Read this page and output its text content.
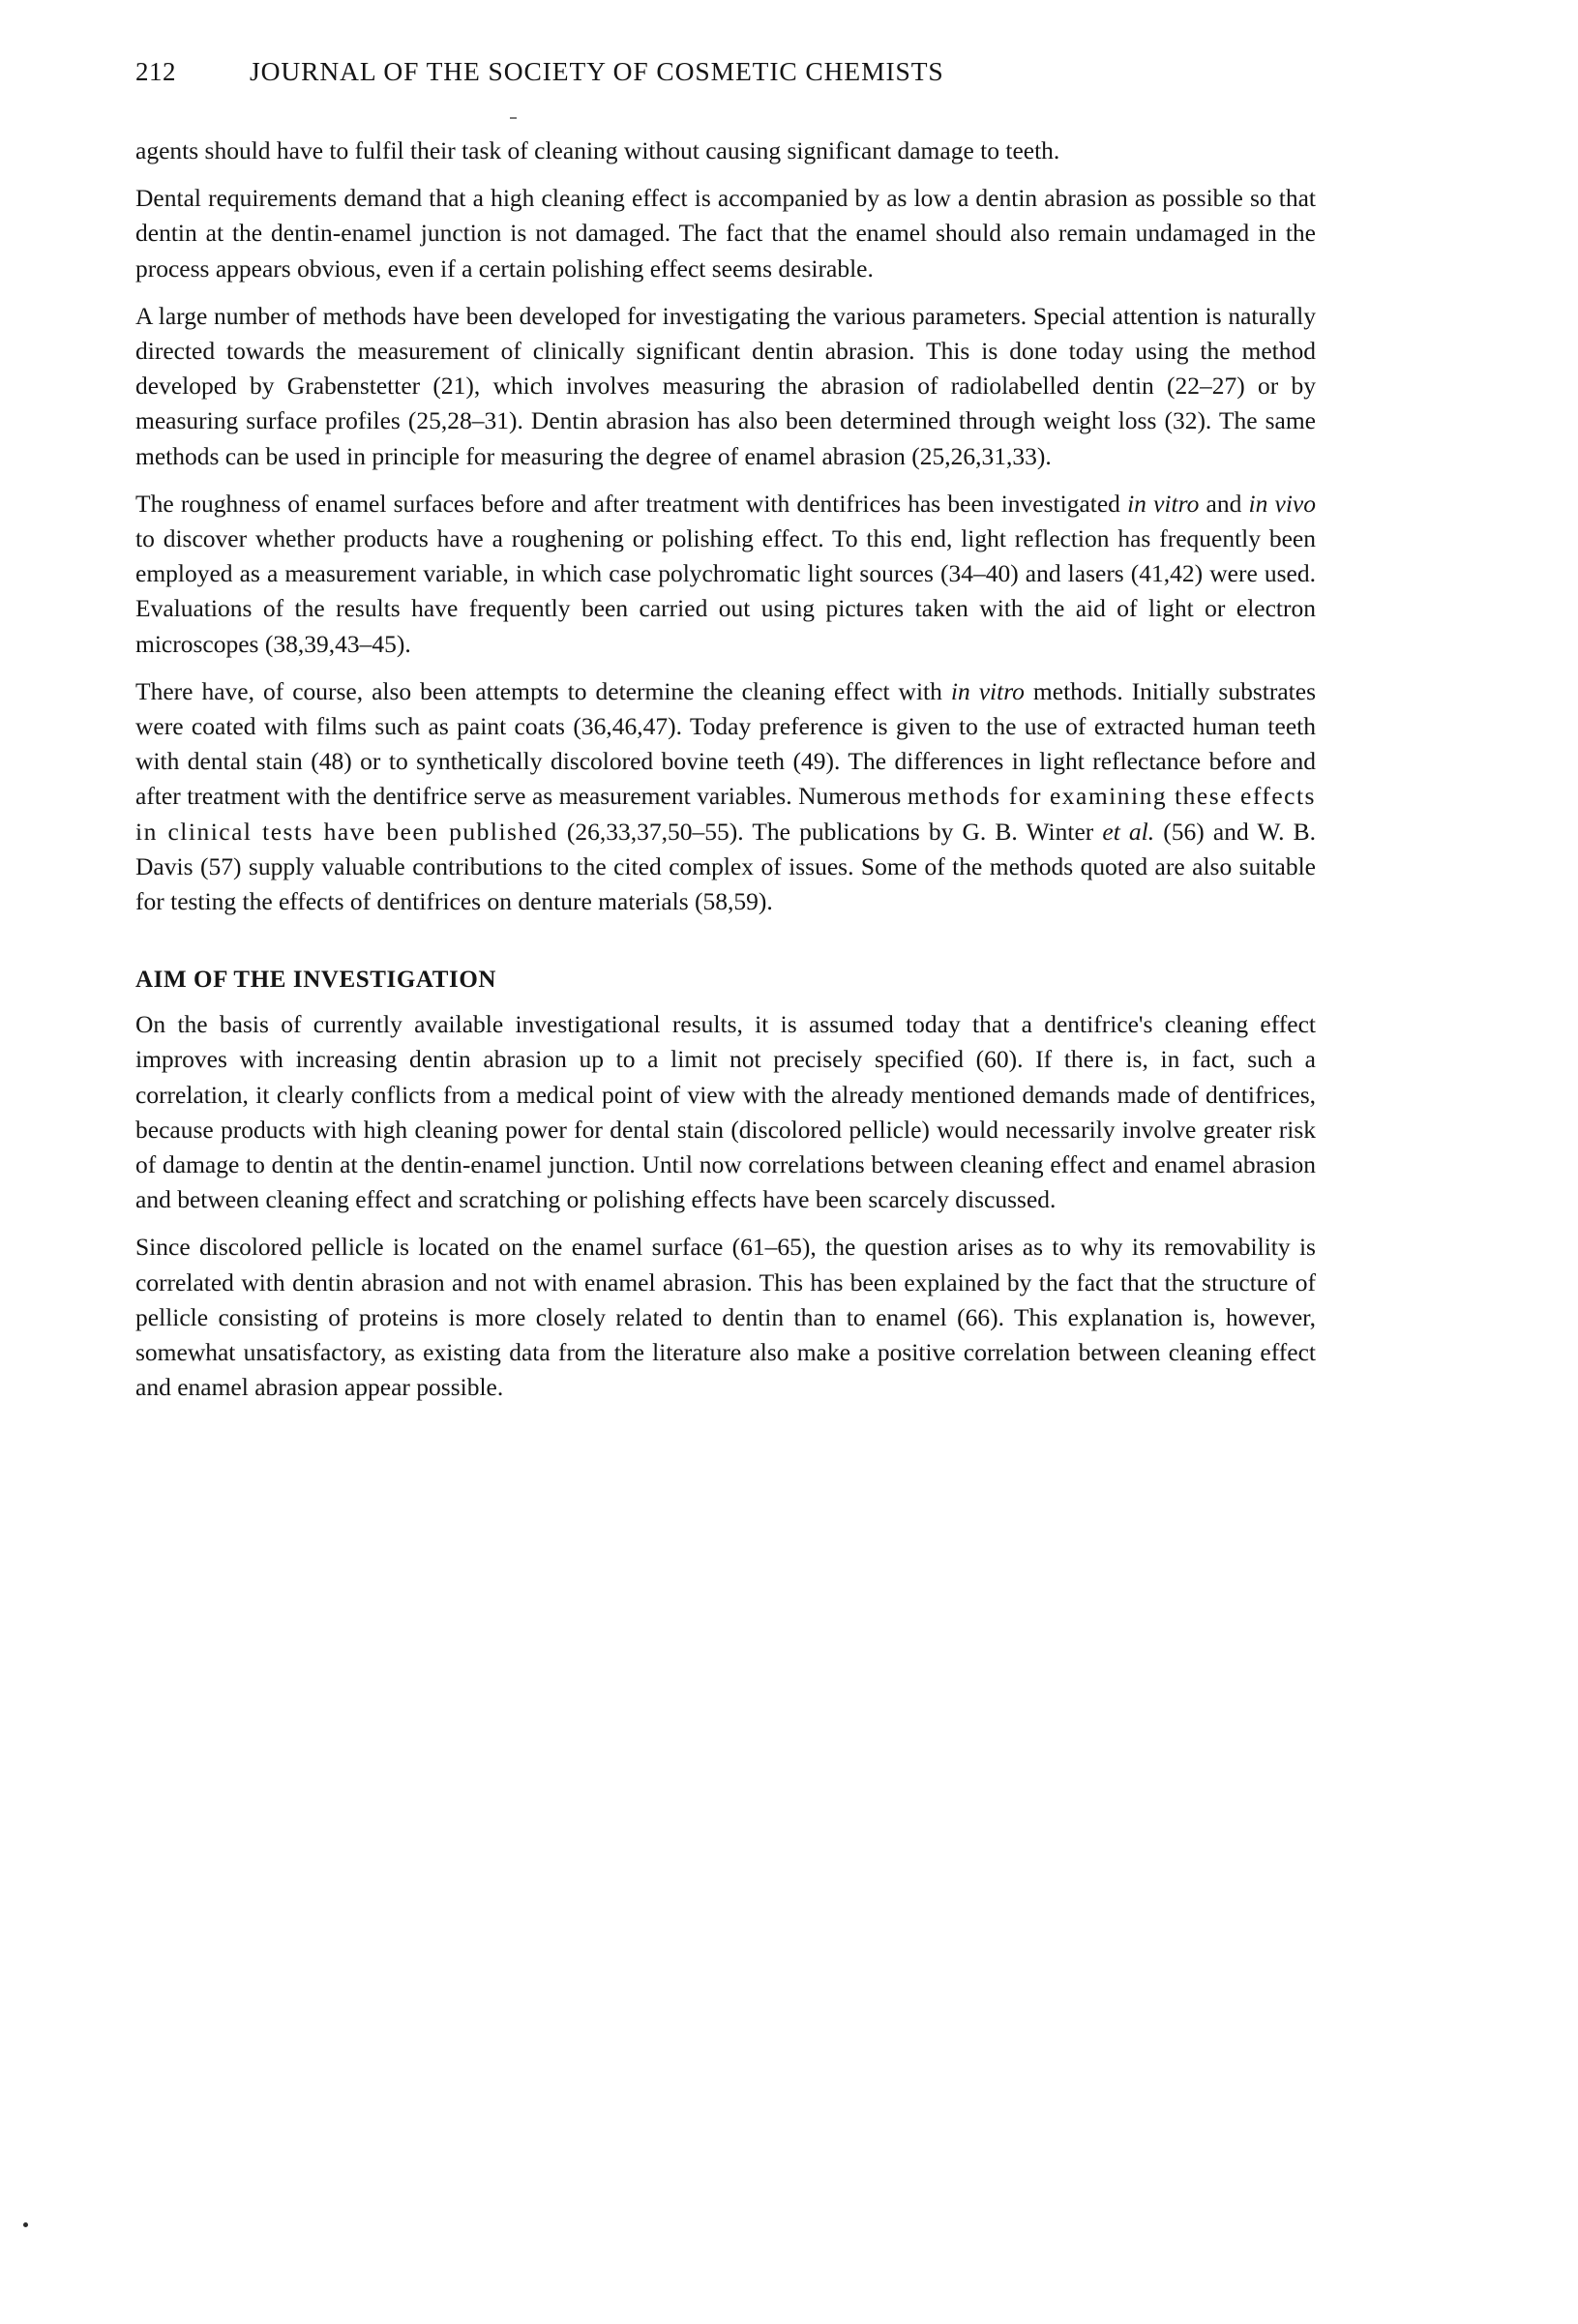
212	JOURNAL OF THE SOCIETY OF COSMETIC CHEMISTS

agents should have to fulfil their task of cleaning without causing significant damage to teeth.

Dental requirements demand that a high cleaning effect is accompanied by as low a dentin abrasion as possible so that dentin at the dentin-enamel junction is not damaged. The fact that the enamel should also remain undamaged in the process appears obvious, even if a certain polishing effect seems desirable.

A large number of methods have been developed for investigating the various parameters. Special attention is naturally directed towards the measurement of clinically significant dentin abrasion. This is done today using the method developed by Grabenstetter (21), which involves measuring the abrasion of radiolabelled dentin (22–27) or by measuring surface profiles (25,28–31). Dentin abrasion has also been determined through weight loss (32). The same methods can be used in principle for measuring the degree of enamel abrasion (25,26,31,33).

The roughness of enamel surfaces before and after treatment with dentifrices has been investigated in vitro and in vivo to discover whether products have a roughening or polishing effect. To this end, light reflection has frequently been employed as a measurement variable, in which case polychromatic light sources (34–40) and lasers (41,42) were used. Evaluations of the results have frequently been carried out using pictures taken with the aid of light or electron microscopes (38,39,43–45).

There have, of course, also been attempts to determine the cleaning effect with in vitro methods. Initially substrates were coated with films such as paint coats (36,46,47). Today preference is given to the use of extracted human teeth with dental stain (48) or to synthetically discolored bovine teeth (49). The differences in light reflectance before and after treatment with the dentifrice serve as measurement variables. Numerous methods for examining these effects in clinical tests have been published (26,33,37,50–55). The publications by G. B. Winter et al. (56) and W. B. Davis (57) supply valuable contributions to the cited complex of issues. Some of the methods quoted are also suitable for testing the effects of dentifrices on denture materials (58,59).

AIM OF THE INVESTIGATION

On the basis of currently available investigational results, it is assumed today that a dentifrice's cleaning effect improves with increasing dentin abrasion up to a limit not precisely specified (60). If there is, in fact, such a correlation, it clearly conflicts from a medical point of view with the already mentioned demands made of dentifrices, because products with high cleaning power for dental stain (discolored pellicle) would necessarily involve greater risk of damage to dentin at the dentin-enamel junction. Until now correlations between cleaning effect and enamel abrasion and between cleaning effect and scratching or polishing effects have been scarcely discussed.

Since discolored pellicle is located on the enamel surface (61–65), the question arises as to why its removability is correlated with dentin abrasion and not with enamel abrasion. This has been explained by the fact that the structure of pellicle consisting of proteins is more closely related to dentin than to enamel (66). This explanation is, however, somewhat unsatisfactory, as existing data from the literature also make a positive correlation between cleaning effect and enamel abrasion appear possible.
